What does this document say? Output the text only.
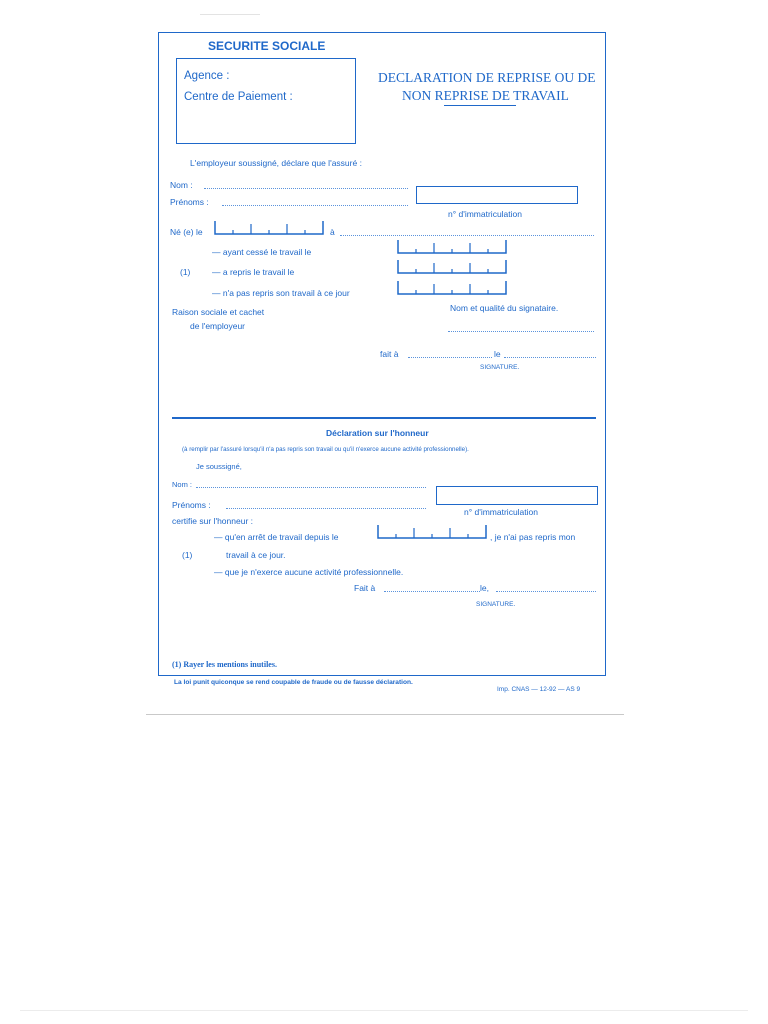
SECURITE SOCIALE
Agence :
Centre de Paiement :
DECLARATION DE REPRISE OU DE
NON REPRISE DE TRAVAIL
L'employeur soussigné, déclare que l'assuré :
Nom :
Prénoms :
n° d'immatriculation
Né (e) le	à
— ayant cessé le travail le
(1)	— a repris le travail le
— n'a pas repris son travail à ce jour
Raison sociale et cachet
de l'employeur
Nom et qualité du signataire.
fait à	le
SIGNATURE.
Déclaration sur l'honneur
(à remplir par l'assuré lorsqu'il n'a pas repris son travail ou qu'il n'exerce aucune activité professionnelle).
Je soussigné,
Nom :
Prénoms :
n° d'immatriculation
certifie sur l'honneur :
— qu'en arrêt de travail depuis le	, je n'ai pas repris mon
(1)	travail à ce jour.
— que je n'exerce aucune activité professionnelle.
Fait à	le,
SIGNATURE.
(1) Rayer les mentions inutiles.
La loi punit quiconque se rend coupable de fraude ou de fausse déclaration.
Imp. CNAS — 12-92 — AS 9
